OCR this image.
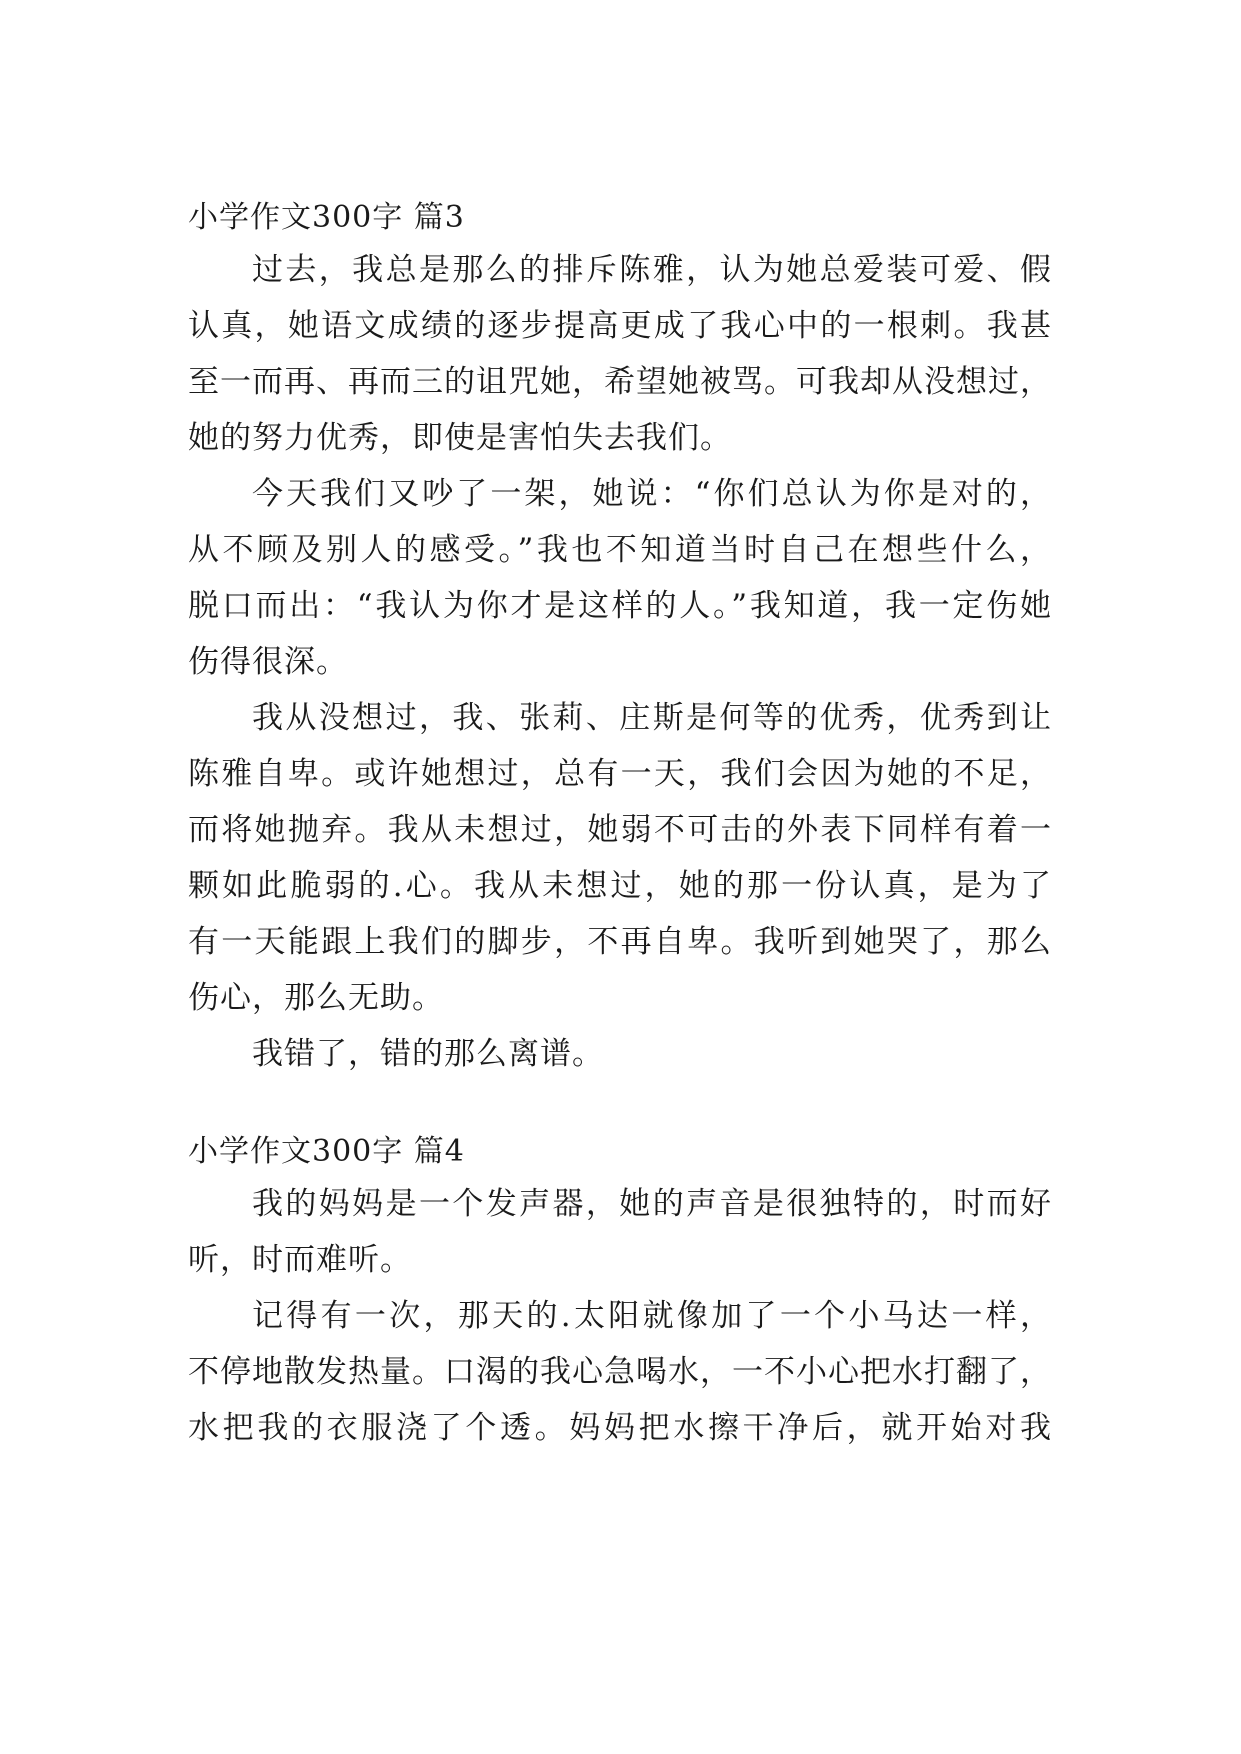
小学作文300字 篇3

过去，我总是那么的排斥陈雅，认为她总爱装可爱、假

认真，她语文成绩的逐步提高更成了我心中的一根刺。我甚

至一而再、再而三的诅咒她，希望她被骂。可我却从没想过，

她的努力优秀，即使是害怕失去我们。

今天我们又吵了一架，她说：“你们总认为你是对的，

从不顾及别人的感受。”我也不知道当时自己在想些什么，

脱口而出：“我认为你才是这样的人。”我知道，我一定伤她

伤得很深。

我从没想过，我、张莉、庄斯是何等的优秀，优秀到让

陈雅自卑。或许她想过，总有一天，我们会因为她的不足，

而将她抛弃。我从未想过，她弱不可击的外表下同样有着一

颗如此脆弱的.心。我从未想过，她的那一份认真，是为了

有一天能跟上我们的脚步，不再自卑。我听到她哭了，那么

伤心，那么无助。

我错了，错的那么离谱。

小学作文300字 篇4

我的妈妈是一个发声器，她的声音是很独特的，时而好

听，时而难听。

记得有一次，那天的.太阳就像加了一个小马达一样，

不停地散发热量。口渴的我心急喝水，一不小心把水打翻了，

水把我的衣服浇了个透。妈妈把水擦干净后，就开始对我
